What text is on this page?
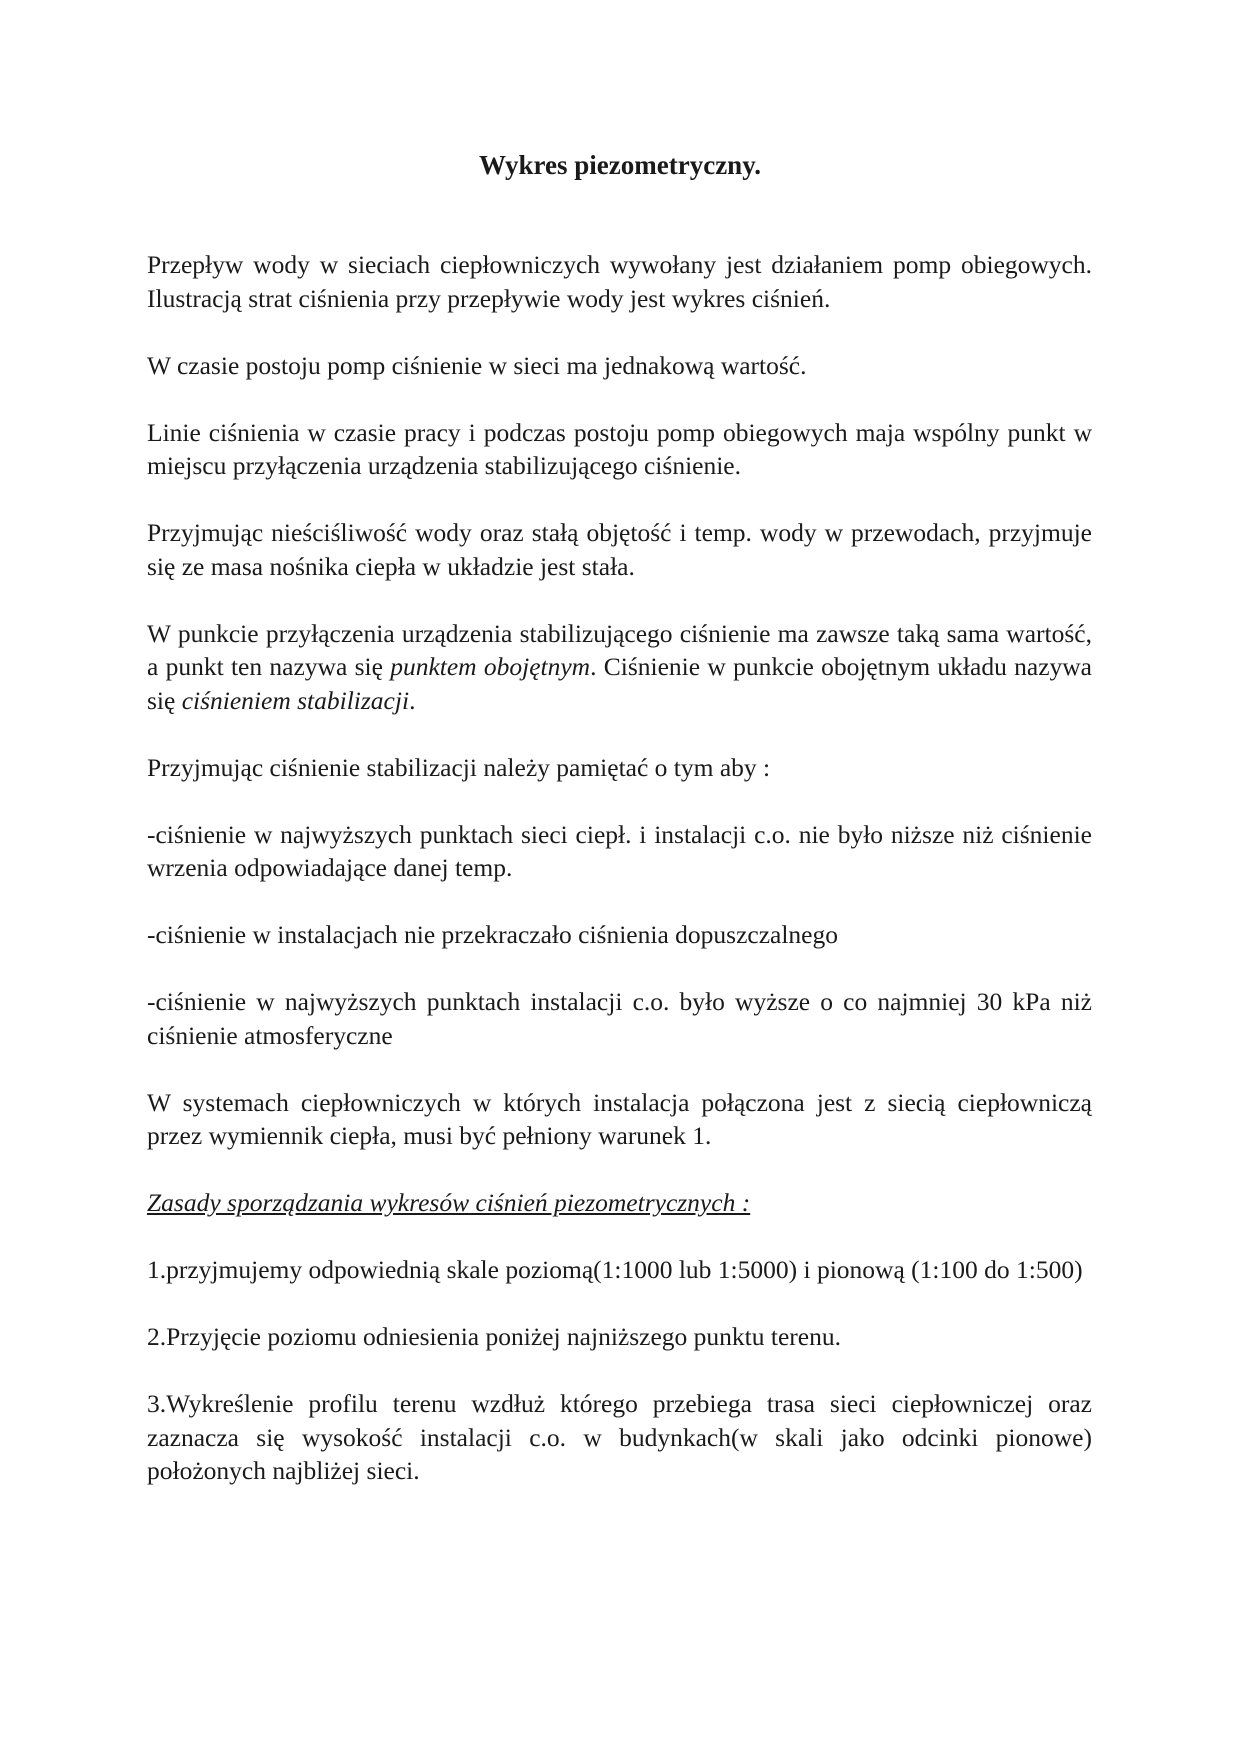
Wykres piezometryczny.

Przepływ wody w sieciach ciepłowniczych wywołany jest działaniem pomp obiegowych. Ilustracją strat ciśnienia przy przepływie wody jest wykres ciśnień.

W czasie postoju pomp ciśnienie w sieci ma jednakową wartość.

Linie ciśnienia w czasie pracy i podczas postoju pomp obiegowych maja wspólny punkt w miejscu przyłączenia urządzenia stabilizującego ciśnienie.

Przyjmując nieściśliwość wody oraz stałą objętość i temp. wody w przewodach, przyjmuje się ze masa nośnika ciepła w układzie jest stała.

W punkcie przyłączenia urządzenia stabilizującego ciśnienie ma zawsze taką sama wartość, a punkt ten nazywa się punktem obojętnym. Ciśnienie w punkcie obojętnym układu nazywa się ciśnieniem stabilizacji.

Przyjmując ciśnienie stabilizacji należy pamiętać o tym aby :

-ciśnienie w najwyższych punktach sieci ciepł. i instalacji c.o. nie było niższe niż ciśnienie wrzenia odpowiadające danej temp.

-ciśnienie w instalacjach nie przekraczało ciśnienia dopuszczalnego

-ciśnienie w najwyższych punktach instalacji c.o. było wyższe o co najmniej 30 kPa niż ciśnienie atmosferyczne

W systemach ciepłowniczych w których instalacja połączona jest z siecią ciepłowniczą przez wymiennik ciepła, musi być pełniony warunek 1.

Zasady sporządzania wykresów ciśnień piezometrycznych :

1.przyjmujemy odpowiednią skale poziomą(1:1000 lub 1:5000) i pionową (1:100 do 1:500)

2.Przyjęcie poziomu odniesienia poniżej najniższego punktu terenu.

3.Wykreślenie profilu terenu wzdłuż którego przebiega trasa sieci ciepłowniczej oraz zaznacza się wysokość instalacji c.o. w budynkach(w skali jako odcinki pionowe) położonych najbliżej sieci.
